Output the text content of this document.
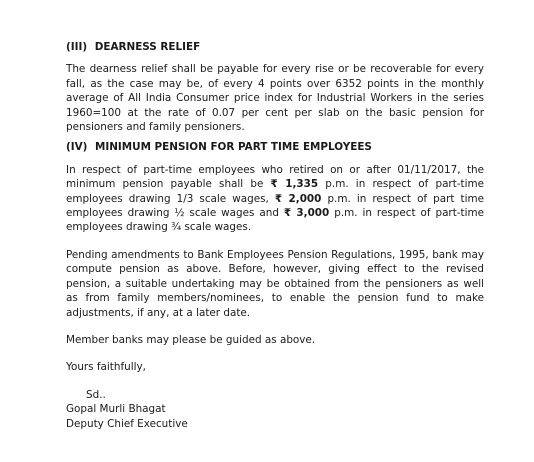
(III) DEARNESS RELIEF

The dearness relief shall be payable for every rise or be recoverable for every fall, as the case may be, of every 4 points over 6352 points in the monthly average of All India Consumer price index for Industrial Workers in the series 1960=100 at the rate of 0.07 per cent per slab on the basic pension for pensioners and family pensioners.

(IV) MINIMUM PENSION FOR PART TIME EMPLOYEES

In respect of part-time employees who retired on or after 01/11/2017, the minimum pension payable shall be ₹ 1,335 p.m. in respect of part-time employees drawing 1/3 scale wages, ₹ 2,000 p.m. in respect of part time employees drawing ½ scale wages and ₹ 3,000 p.m. in respect of part-time employees drawing ¾ scale wages.

Pending amendments to Bank Employees Pension Regulations, 1995, bank may compute pension as above. Before, however, giving effect to the revised pension, a suitable undertaking may be obtained from the pensioners as well as from family members/nominees, to enable the pension fund to make adjustments, if any, at a later date.

Member banks may please be guided as above.

Yours faithfully,

Sd..
Gopal Murli Bhagat
Deputy Chief Executive
